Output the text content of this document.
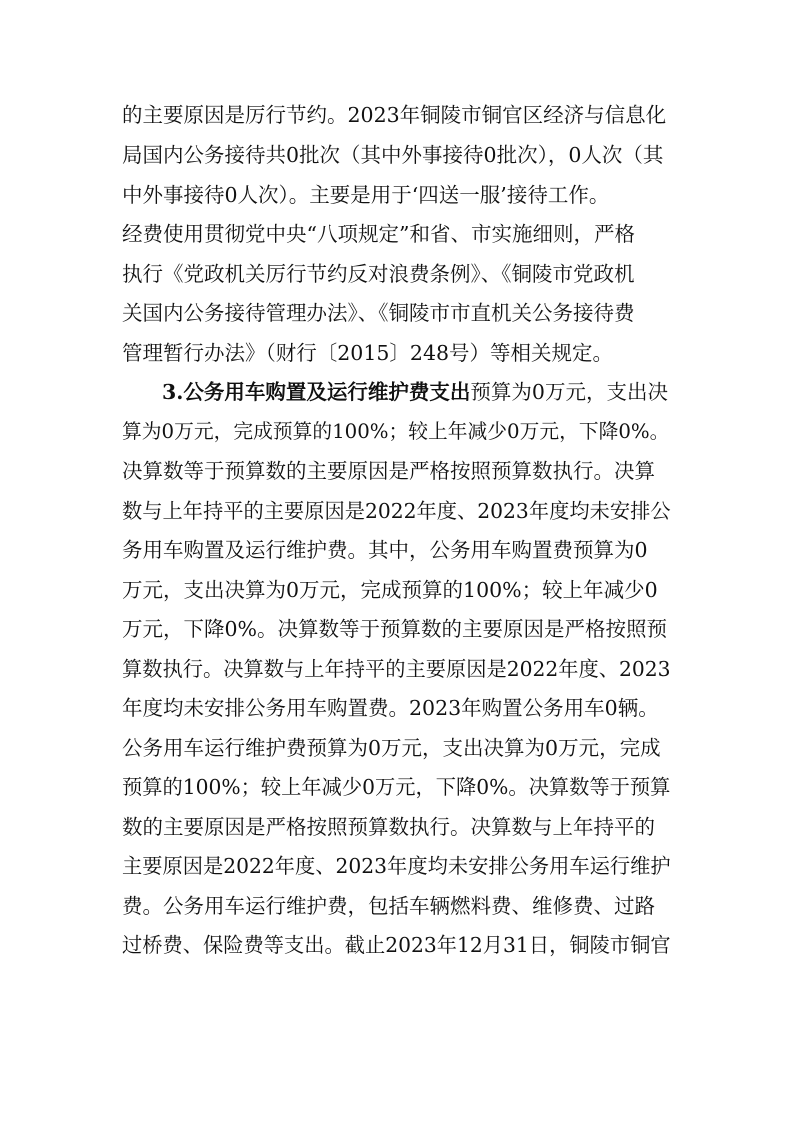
的主要原因是厉行节约。2023年铜陵市铜官区经济与信息化
局国内公务接待共0批次（其中外事接待0批次），0人次（其
中外事接待0人次）。主要是用于‘四送一服’接待工作。
经费使用贯彻党中央“八项规定”和省、市实施细则，严格
执行《党政机关厉行节约反对浪费条例》、《铜陵市党政机
关国内公务接待管理办法》、《铜陵市市直机关公务接待费
管理暂行办法》（财行〔2015〕248号）等相关规定。
3.公务用车购置及运行维护费支出预算为0万元，支出决
算为0万元，完成预算的100%；较上年减少0万元，下降0%。
决算数等于预算数的主要原因是严格按照预算数执行。决算
数与上年持平的主要原因是2022年度、2023年度均未安排公
务用车购置及运行维护费。其中，公务用车购置费预算为0
万元，支出决算为0万元，完成预算的100%；较上年减少0
万元，下降0%。决算数等于预算数的主要原因是严格按照预
算数执行。决算数与上年持平的主要原因是2022年度、2023
年度均未安排公务用车购置费。2023年购置公务用车0辆。
公务用车运行维护费预算为0万元，支出决算为0万元，完成
预算的100%；较上年减少0万元，下降0%。决算数等于预算
数的主要原因是严格按照预算数执行。决算数与上年持平的
主要原因是2022年度、2023年度均未安排公务用车运行维护
费。公务用车运行维护费，包括车辆燃料费、维修费、过路
过桥费、保险费等支出。截止2023年12月31日，铜陵市铜官
